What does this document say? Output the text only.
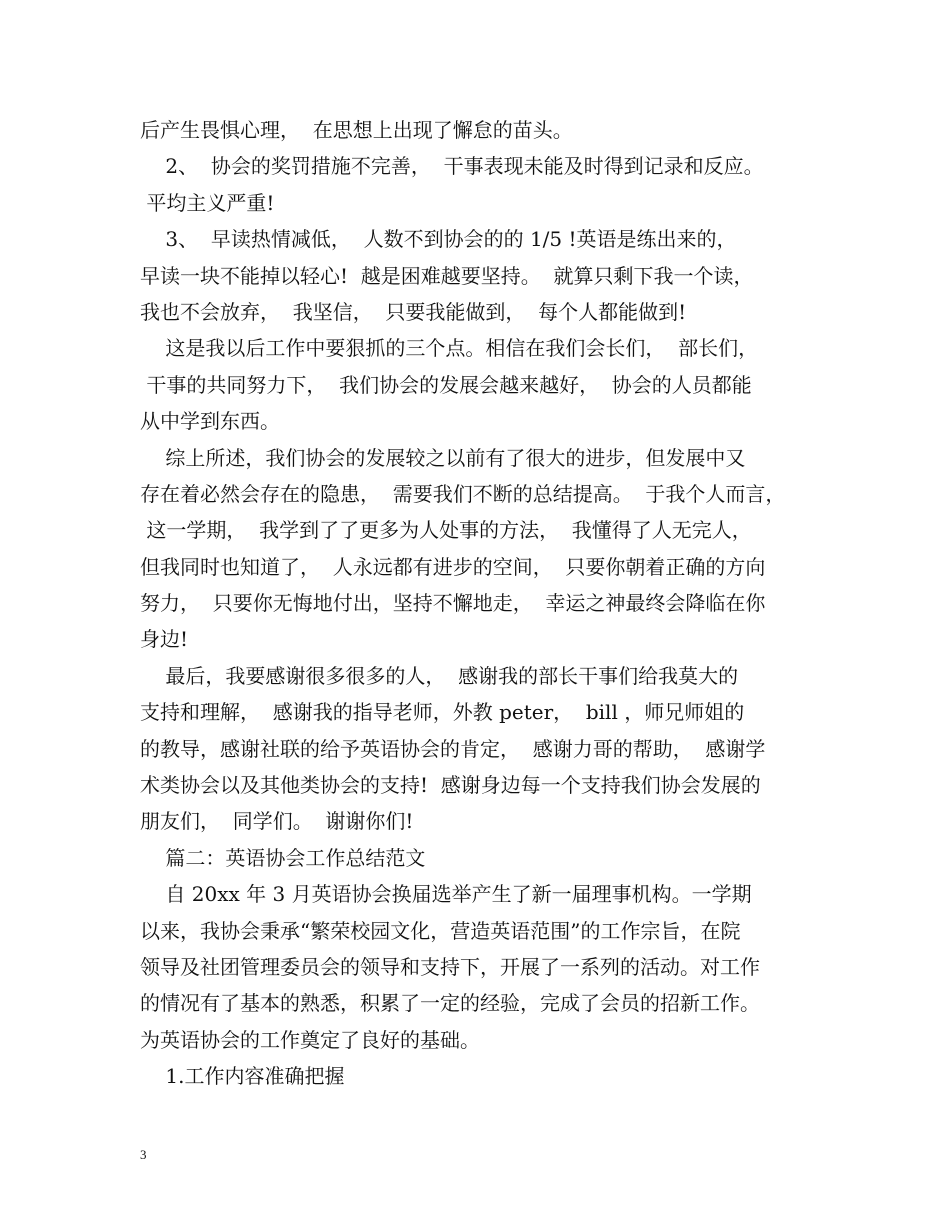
后产生畏惧心理，  在思想上出现了懈怠的苗头。
2、  协会的奖罚措施不完善，  干事表现未能及时得到记录和反应。
平均主义严重!
3、  早读热情减低，  人数不到协会的的 1/5 !英语是练出来的，
早读一块不能掉以轻心!  越是困难越要坚持。  就算只剩下我一个读，
我也不会放弃，  我坚信，  只要我能做到，  每个人都能做到!
这是我以后工作中要狠抓的三个点。相信在我们会长们，  部长们，
干事的共同努力下，  我们协会的发展会越来越好，  协会的人员都能
从中学到东西。
综上所述，我们协会的发展较之以前有了很大的进步，但发展中又
存在着必然会存在的隐患，  需要我们不断的总结提高。  于我个人而言，
这一学期，  我学到了了更多为人处事的方法，  我懂得了人无完人，
但我同时也知道了，  人永远都有进步的空间，  只要你朝着正确的方向
努力，  只要你无悔地付出，坚持不懈地走，  幸运之神最终会降临在你
身边!
最后，我要感谢很多很多的人，  感谢我的部长干事们给我莫大的
支持和理解，  感谢我的指导老师，外教 peter，  bill ，师兄师姐的
的教导，感谢社联的给予英语协会的肯定，  感谢力哥的帮助，  感谢学
术类协会以及其他类协会的支持!  感谢身边每一个支持我们协会发展的
朋友们，  同学们。  谢谢你们!
篇二：英语协会工作总结范文
自 20xx 年 3 月英语协会换届选举产生了新一届理事机构。一学期
以来，我协会秉承“繁荣校园文化，营造英语范围”的工作宗旨，在院
领导及社团管理委员会的领导和支持下，开展了一系列的活动。对工作
的情况有了基本的熟悉，积累了一定的经验，完成了会员的招新工作。
为英语协会的工作奠定了良好的基础。
1.工作内容准确把握
3
